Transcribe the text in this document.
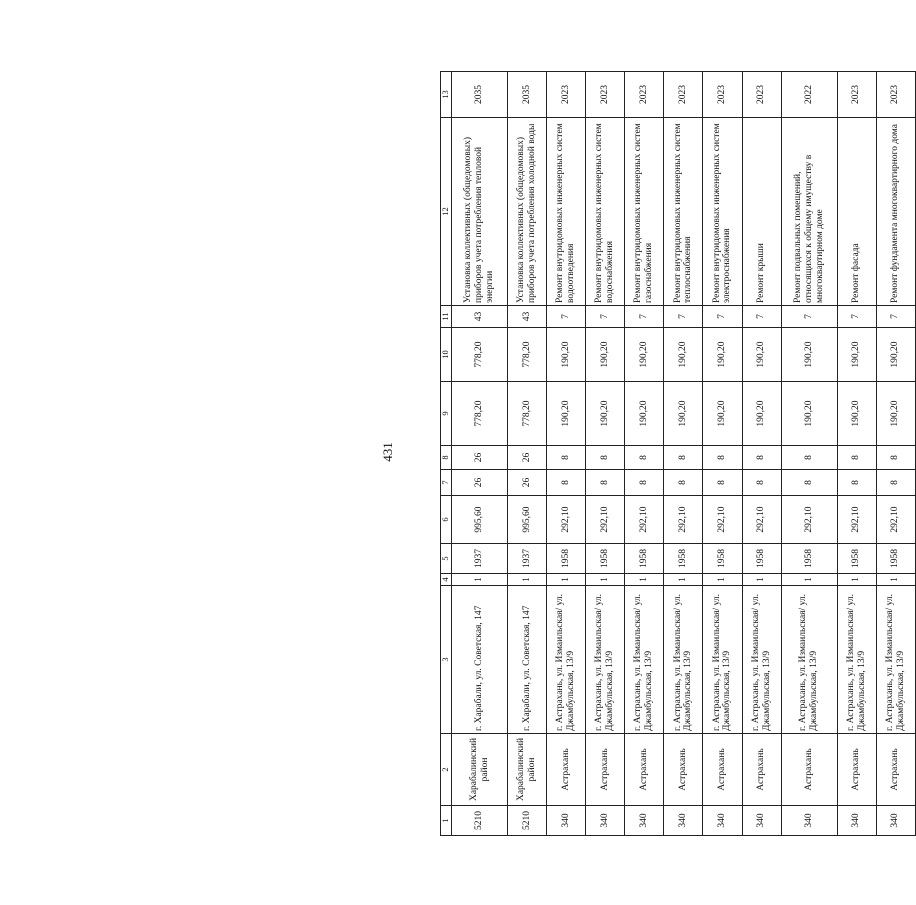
431
1	2	3	4	5	6	7	8	9	10	11	12	13
5210	Харабалинский район	г. Харабали, ул. Советская, 147	1	1937	995,60	26	26	778,20	778,20	43	Установка коллективных (общедомовых) приборов учета потребления тепловой энергии	2035
5210	Харабалинский район	г. Харабали, ул. Советская, 147	1	1937	995,60	26	26	778,20	778,20	43	Установка коллективных (общедомовых) приборов учета потребления холодной воды	2035
340	Астрахань	г. Астрахань, ул. Измаильская/ ул. Джамбульская, 13/9	1	1958	292,10	8	8	190,20	190,20	7	Ремонт внутридомовых инженерных систем водоотведения	2023
340	Астрахань	г. Астрахань, ул. Измаильская/ ул. Джамбульская, 13/9	1	1958	292,10	8	8	190,20	190,20	7	Ремонт внутридомовых инженерных систем водоснабжения	2023
340	Астрахань	г. Астрахань, ул. Измаильская/ ул. Джамбульская, 13/9	1	1958	292,10	8	8	190,20	190,20	7	Ремонт внутридомовых инженерных систем газоснабжения	2023
340	Астрахань	г. Астрахань, ул. Измаильская/ ул. Джамбульская, 13/9	1	1958	292,10	8	8	190,20	190,20	7	Ремонт внутридомовых инженерных систем теплоснабжения	2023
340	Астрахань	г. Астрахань, ул. Измаильская/ ул. Джамбульская, 13/9	1	1958	292,10	8	8	190,20	190,20	7	Ремонт внутридомовых инженерных систем электроснабжения	2023
340	Астрахань	г. Астрахань, ул. Измаильская/ ул. Джамбульская, 13/9	1	1958	292,10	8	8	190,20	190,20	7	Ремонт крыши	2023
340	Астрахань	г. Астрахань, ул. Измаильская/ ул. Джамбульская, 13/9	1	1958	292,10	8	8	190,20	190,20	7	Ремонт подвальных помещений, относящихся к общему имуществу в многоквартирном доме	2022
340	Астрахань	г. Астрахань, ул. Измаильская/ ул. Джамбульская, 13/9	1	1958	292,10	8	8	190,20	190,20	7	Ремонт фасада	2023
340	Астрахань	г. Астрахань, ул. Измаильская/ ул. Джамбульская, 13/9	1	1958	292,10	8	8	190,20	190,20	7	Ремонт фундамента многоквартирного дома	2023
